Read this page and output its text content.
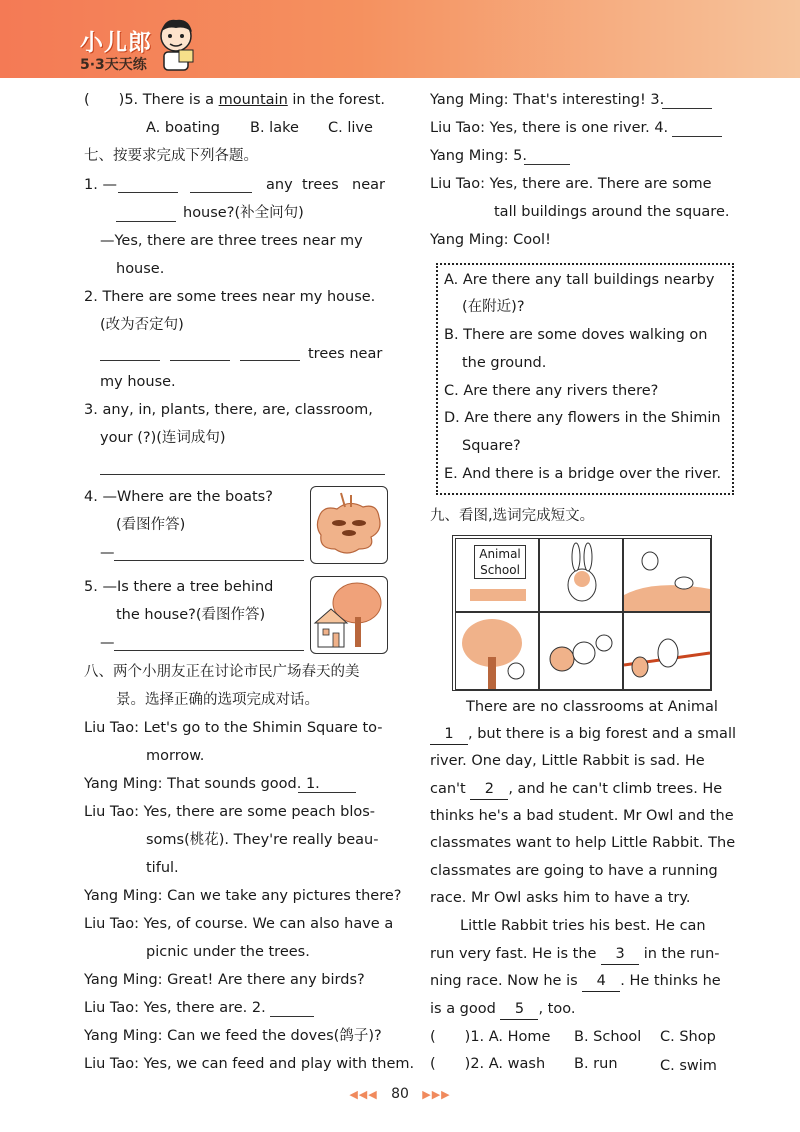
小儿郎
5·3天天练
(　　)5. There is a mountain in the forest.
A. boating B. lake C. live
七、按要求完成下列各题。
1. —	any trees near
house?(补全问句)
—Yes, there are three trees near my
house.
2. There are some trees near my house.
(改为否定句)
trees near
my house.
3. any, in, plants, there, are, classroom,
your (?)(连词成句)
4. —Where are the boats?
(看图作答)
—
5. —Is there a tree behind
the house?(看图作答)
—
八、两个小朋友正在讨论市民广场春天的美
景。选择正确的选项完成对话。
Liu Tao: Let's go to the Shimin Square to-
morrow.
Yang Ming: That sounds good. 1.
Liu Tao: Yes, there are some peach blos-
soms(桃花). They're really beau-
tiful.
Yang Ming: Can we take any pictures there?
Liu Tao: Yes, of course. We can also have a
picnic under the trees.
Yang Ming: Great! Are there any birds?
Liu Tao: Yes, there are. 2.
Yang Ming: Can we feed the doves(鸽子)?
Liu Tao: Yes, we can feed and play with them.
Yang Ming: That's interesting! 3.
Liu Tao: Yes, there is one river. 4.
Yang Ming: 5.
Liu Tao: Yes, there are. There are some
tall buildings around the square.
Yang Ming: Cool!
A. Are there any tall buildings nearby
(在附近)?
B. There are some doves walking on
the ground.
C. Are there any rivers there?
D. Are there any flowers in the Shimin
Square?
E. And there is a bridge over the river.
九、看图,选词完成短文。
Animal
School
There are no classrooms at Animal
1 , but there is a big forest and a small
river. One day, Little Rabbit is sad. He
can't 2 , and he can't climb trees. He
thinks he's a bad student. Mr Owl and the
classmates want to help Little Rabbit. The
classmates are going to have a running
race. Mr Owl asks him to have a try.
Little Rabbit tries his best. He can
run very fast. He is the 3 in the run-
ning race. Now he is 4 . He thinks he
is a good 5 , too.
(　　)1. A. Home B. School C. Shop
(　　)2. A. wash B. run	C. swim
◀◀◀ 80 ▶▶▶
